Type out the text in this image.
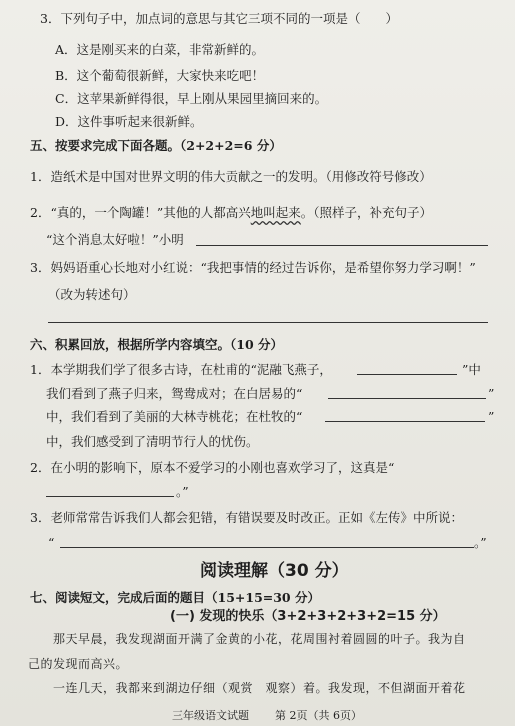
3．下列句子中，加点词的意思与其它三项不同的一项是（　　）
A．这是刚买来的白菜，非常新鲜的。
B．这个葡萄很新鲜，大家快来吃吧！
C．这苹果新鲜得很，早上刚从果园里摘回来的。
D．这件事听起来很新鲜。
五、按要求完成下面各题。（2+2+2=6 分）
1．造纸术是中国对世界文明的伟大贡献之一的发明。（用修改符号修改）
2．“真的，一个陶罐！”其他的人都高兴地叫起来。（照样子，补充句子）
“这个消息太好啦！”小明
3．妈妈语重心长地对小红说：“我把事情的经过告诉你，是希望你努力学习啊！”
（改为转述句）
六、积累回放，根据所学内容填空。（10 分）
1．本学期我们学了很多古诗，在杜甫的“泥融飞燕子，	”中
我们看到了燕子归来，鸳鸯成对；在白居易的“	”
中，我们看到了美丽的大林寺桃花；在杜牧的“	”
中，我们感受到了清明节行人的忧伤。
2．在小明的影响下，原本不爱学习的小刚也喜欢学习了，这真是“
。”
3．老师常常告诉我们人都会犯错，有错误要及时改正。正如《左传》中所说：
“	。”
阅读理解（30 分）
七、阅读短文，完成后面的题目（15+15=30 分）
(一) 发现的快乐（3+2+3+2+3+2=15 分）
　　那天早晨，我发现湖面开满了金黄的小花，花周围衬着圆圆的叶子。我为自
己的发现而高兴。
　　一连几天，我都来到湖边仔细（观赏　观察）着。我发现，不但湖面开着花
三年级语文试题 第 2页（共 6页）
